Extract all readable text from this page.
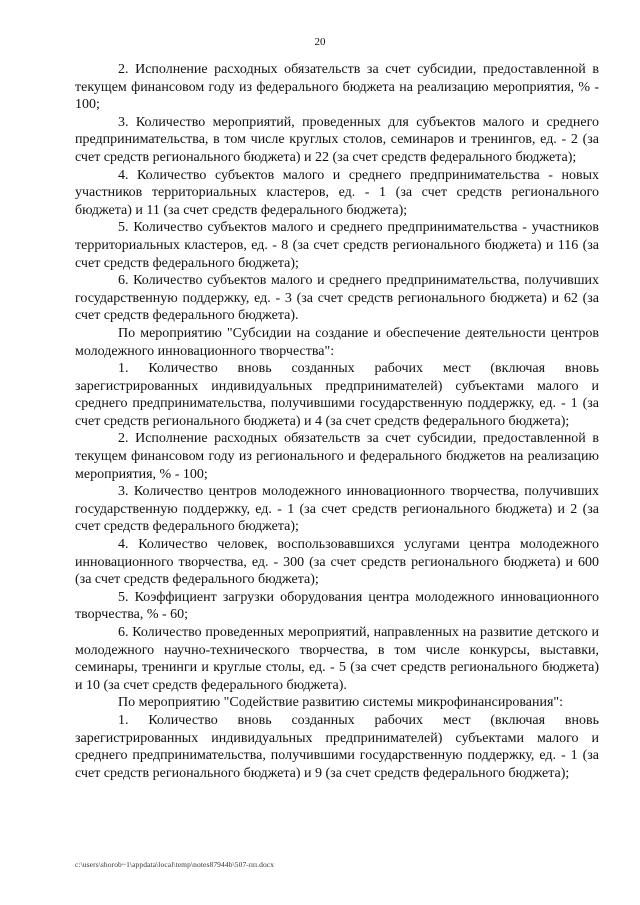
20

2. Исполнение расходных обязательств за счет субсидии, предоставленной в текущем финансовом году из федерального бюджета на реализацию мероприятия, % - 100;

3. Количество мероприятий, проведенных для субъектов малого и среднего предпринимательства, в том числе круглых столов, семинаров и тренингов, ед. - 2 (за счет средств регионального бюджета) и 22 (за счет средств федерального бюджета);

4. Количество субъектов малого и среднего предпринимательства - новых участников территориальных кластеров, ед. - 1 (за счет средств регионального бюджета) и 11 (за счет средств федерального бюджета);

5. Количество субъектов малого и среднего предпринимательства - участников территориальных кластеров, ед. - 8 (за счет средств регионального бюджета) и 116 (за счет средств федерального бюджета);

6. Количество субъектов малого и среднего предпринимательства, получивших государственную поддержку, ед. - 3 (за счет средств регионального бюджета) и 62 (за счет средств федерального бюджета).

По мероприятию "Субсидии на создание и обеспечение деятельности центров молодежного инновационного творчества":

1. Количество вновь созданных рабочих мест (включая вновь зарегистрированных индивидуальных предпринимателей) субъектами малого и среднего предпринимательства, получившими государственную поддержку, ед. - 1 (за счет средств регионального бюджета) и 4 (за счет средств федерального бюджета);

2. Исполнение расходных обязательств за счет субсидии, предоставленной в текущем финансовом году из регионального и федерального бюджетов на реализацию мероприятия, % - 100;

3. Количество центров молодежного инновационного творчества, получивших государственную поддержку, ед. - 1 (за счет средств регионального бюджета) и 2 (за счет средств федерального бюджета);

4. Количество человек, воспользовавшихся услугами центра молодежного инновационного творчества, ед. - 300 (за счет средств регионального бюджета) и 600 (за счет средств федерального бюджета);

5. Коэффициент загрузки оборудования центра молодежного инновационного творчества, % - 60;

6. Количество проведенных мероприятий, направленных на развитие детского и молодежного научно-технического творчества, в том числе конкурсы, выставки, семинары, тренинги и круглые столы, ед. - 5 (за счет средств регионального бюджета) и 10 (за счет средств федерального бюджета).

По мероприятию "Содействие развитию системы микрофинансирования":

1. Количество вновь созданных рабочих мест (включая вновь зарегистрированных индивидуальных предпринимателей) субъектами малого и среднего предпринимательства, получившими государственную поддержку, ед. - 1 (за счет средств регионального бюджета) и 9 (за счет средств федерального бюджета);

c:\users\shorob~1\appdata\local\temp\notes87944b\507-пп.docx
